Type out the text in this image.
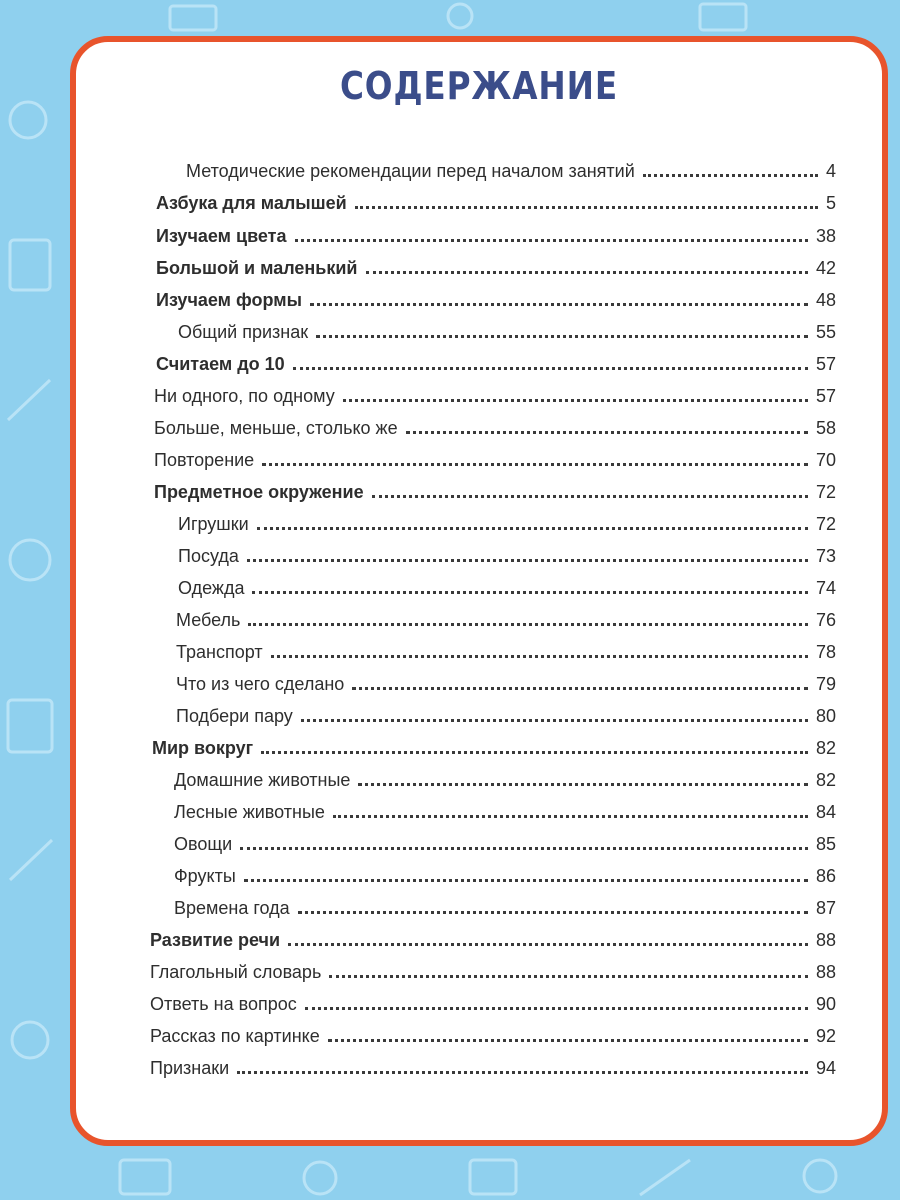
СОДЕРЖАНИЕ
Методические рекомендации перед началом занятий	4
Азбука для малышей	5
Изучаем цвета	38
Большой и маленький	42
Изучаем формы	48
Общий признак	55
Считаем до 10	57
Ни одного, по одному	57
Больше, меньше, столько же	58
Повторение	70
Предметное окружение	72
Игрушки	72
Посуда	73
Одежда	74
Мебель	76
Транспорт	78
Что из чего сделано	79
Подбери пару	80
Мир вокруг	82
Домашние животные	82
Лесные животные	84
Овощи	85
Фрукты	86
Времена года	87
Развитие речи	88
Глагольный словарь	88
Ответь на вопрос	90
Рассказ по картинке	92
Признаки	94
